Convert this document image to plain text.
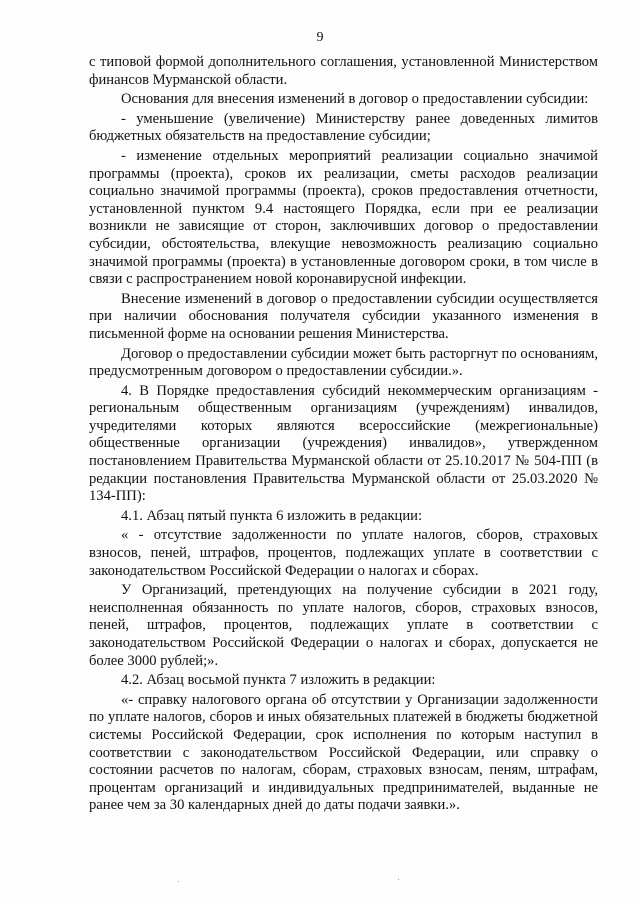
9

с типовой формой дополнительного соглашения, установленной Министерством финансов Мурманской области.

Основания для внесения изменений в договор о предоставлении субсидии:

- уменьшение (увеличение) Министерству ранее доведенных лимитов бюджетных обязательств на предоставление субсидии;

- изменение отдельных мероприятий реализации социально значимой программы (проекта), сроков их реализации, сметы расходов реализации социально значимой программы (проекта), сроков предоставления отчетности, установленной пунктом 9.4 настоящего Порядка, если при ее реализации возникли не зависящие от сторон, заключивших договор о предоставлении субсидии, обстоятельства, влекущие невозможность реализацию социально значимой программы (проекта) в установленные договором сроки, в том числе в связи с распространением новой коронавирусной инфекции.

Внесение изменений в договор о предоставлении субсидии осуществляется при наличии обоснования получателя субсидии указанного изменения в письменной форме на основании решения Министерства.

Договор о предоставлении субсидии может быть расторгнут по основаниям, предусмотренным договором о предоставлении субсидии.».

4. В Порядке предоставления субсидий некоммерческим организациям - региональным общественным организациям (учреждениям) инвалидов, учредителями которых являются всероссийские (межрегиональные) общественные организации (учреждения) инвалидов», утвержденном постановлением Правительства Мурманской области от 25.10.2017 № 504-ПП (в редакции постановления Правительства Мурманской области от 25.03.2020 № 134-ПП):

4.1. Абзац пятый пункта 6 изложить в редакции:

« - отсутствие задолженности по уплате налогов, сборов, страховых взносов, пеней, штрафов, процентов, подлежащих уплате в соответствии с законодательством Российской Федерации о налогах и сборах.

У Организаций, претендующих на получение субсидии в 2021 году, неисполненная обязанность по уплате налогов, сборов, страховых взносов, пеней, штрафов, процентов, подлежащих уплате в соответствии с законодательством Российской Федерации о налогах и сборах, допускается не более 3000 рублей;».

4.2. Абзац восьмой пункта 7 изложить в редакции:

«- справку налогового органа об отсутствии у Организации задолженности по уплате налогов, сборов и иных обязательных платежей в бюджеты бюджетной системы Российской Федерации, срок исполнения по которым наступил в соответствии с законодательством Российской Федерации, или справку о состоянии расчетов по налогам, сборам, страховых взносам, пеням, штрафам, процентам организаций и индивидуальных предпринимателей, выданные не ранее чем за 30 календарных дней до даты подачи заявки.».
